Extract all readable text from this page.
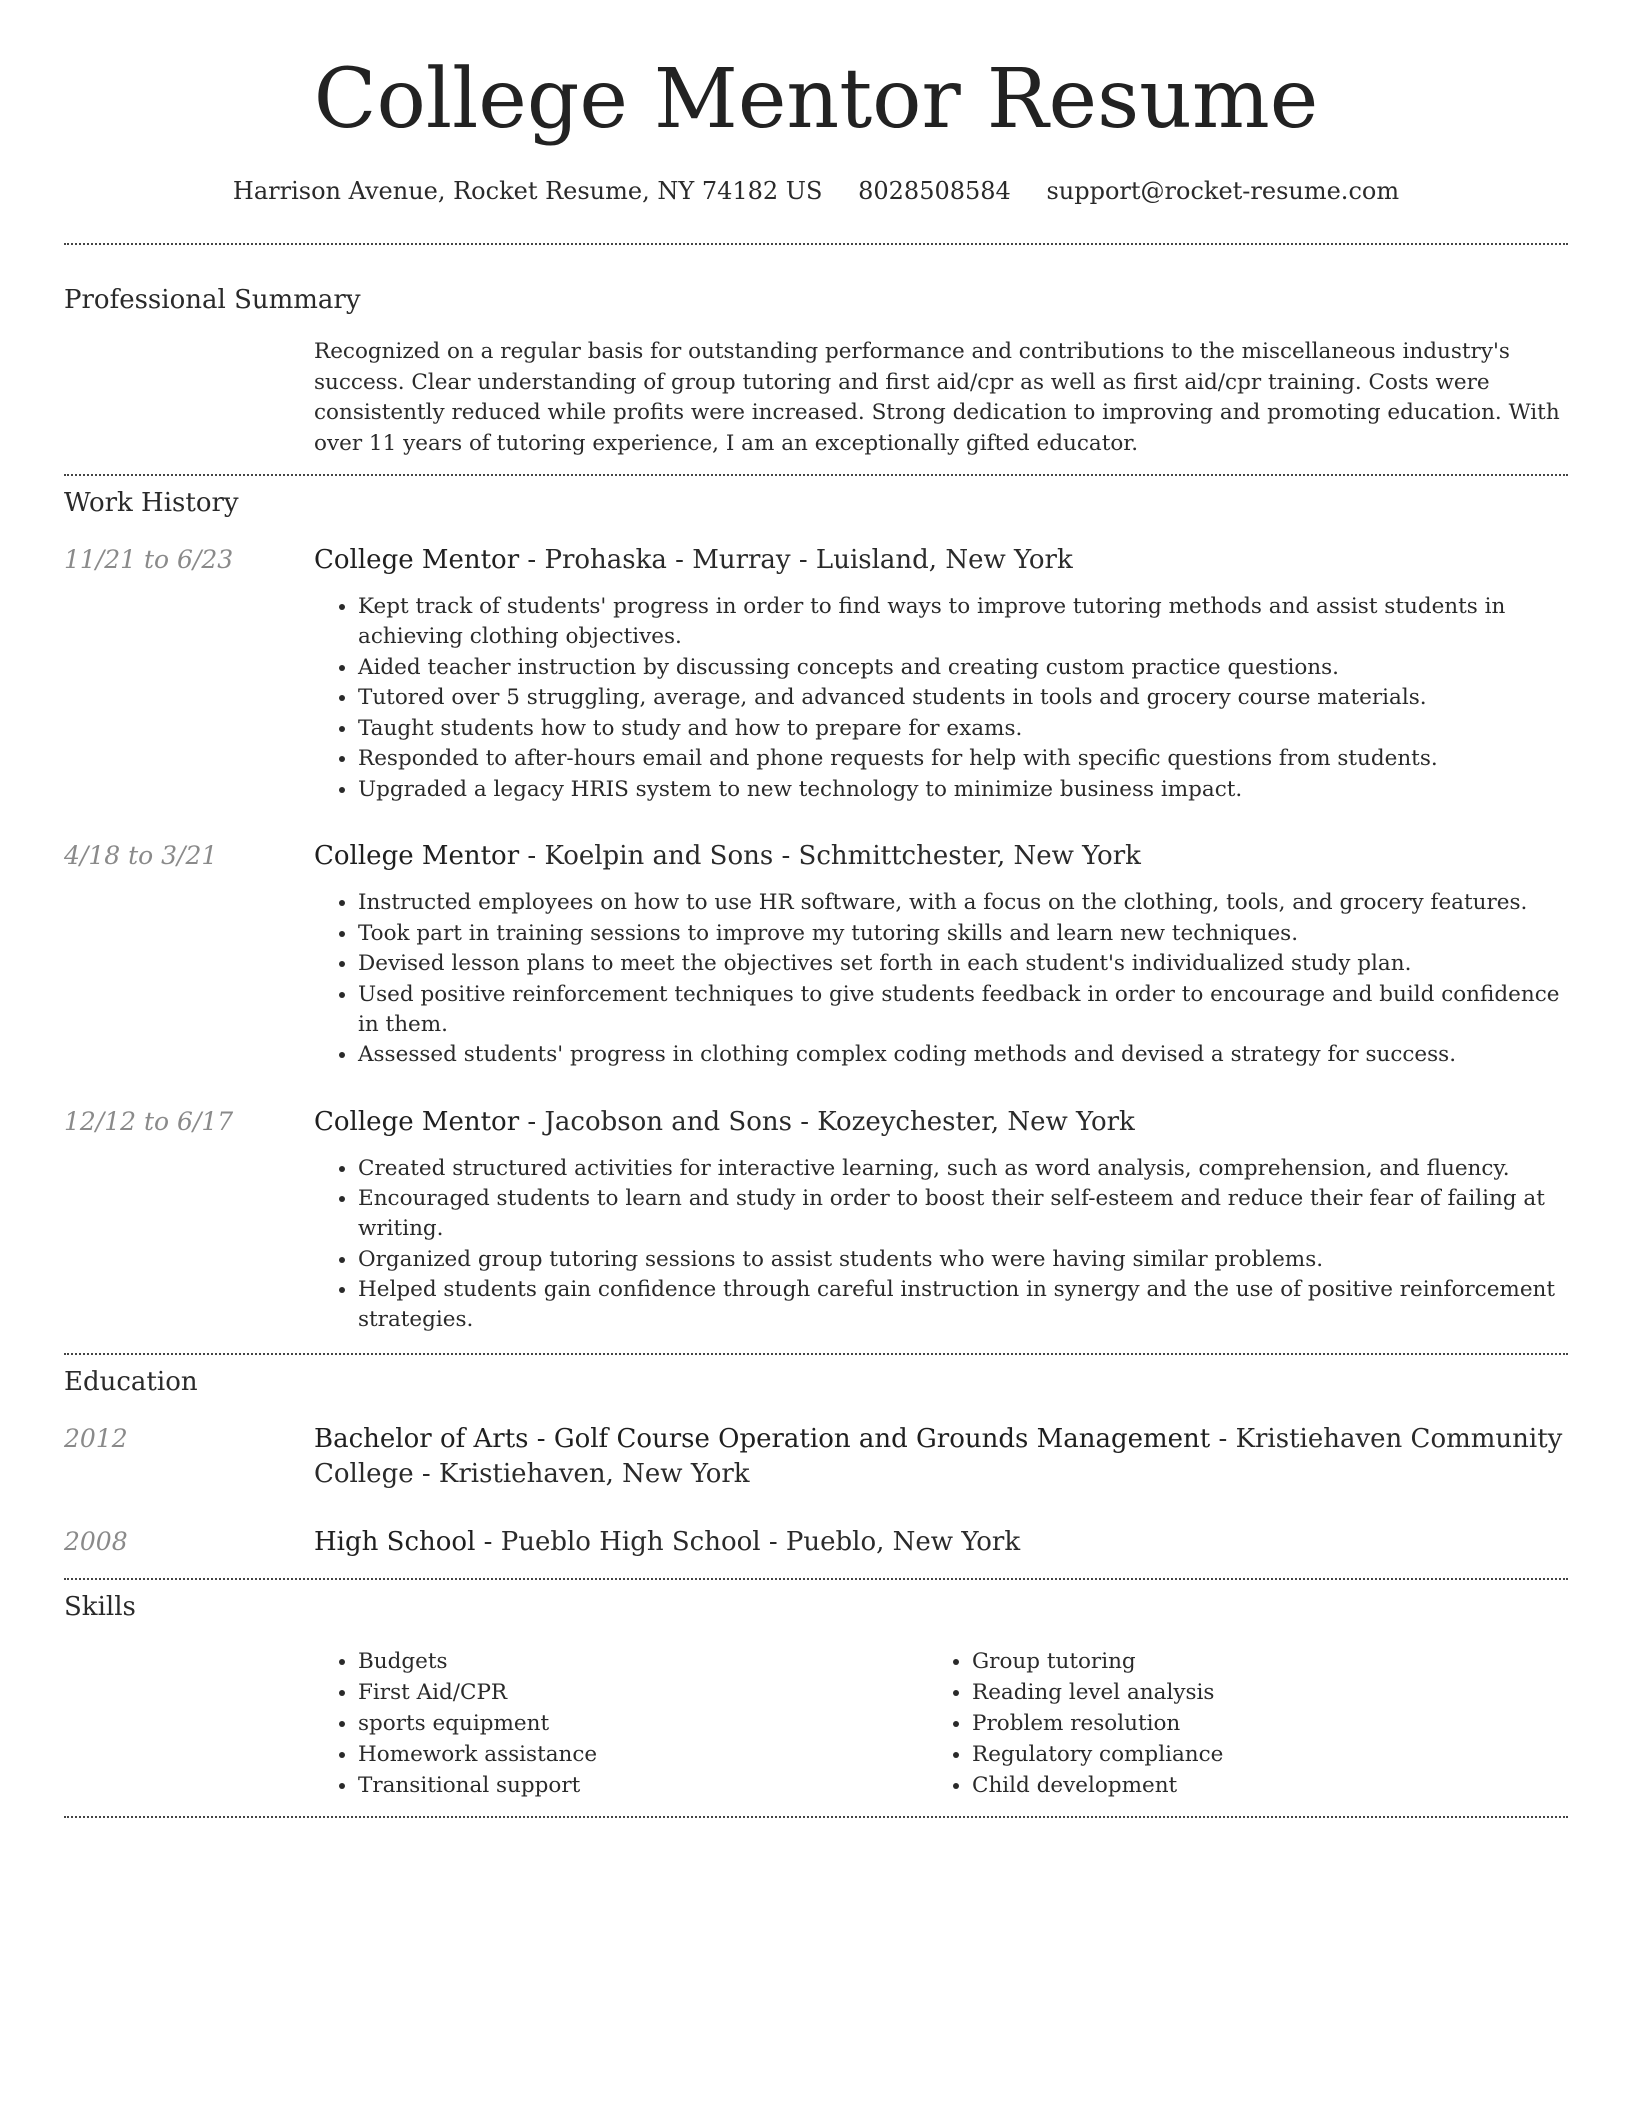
College Mentor Resume
Harrison Avenue, Rocket Resume, NY 74182 US 8028508584 support@rocket-resume.com
Professional Summary

Recognized on a regular basis for outstanding performance and contributions to the miscellaneous industry's success. Clear understanding of group tutoring and first aid/cpr as well as first aid/cpr training. Costs were consistently reduced while profits were increased. Strong dedication to improving and promoting education. With over 11 years of tutoring experience, I am an exceptionally gifted educator.

Work History
11/21 to 6/23	College Mentor - Prohaska - Murray - Luisland, New York
• Kept track of students' progress in order to find ways to improve tutoring methods and assist students in achieving clothing objectives.
• Aided teacher instruction by discussing concepts and creating custom practice questions.
• Tutored over 5 struggling, average, and advanced students in tools and grocery course materials.
• Taught students how to study and how to prepare for exams.
• Responded to after-hours email and phone requests for help with specific questions from students.
• Upgraded a legacy HRIS system to new technology to minimize business impact.
4/18 to 3/21	College Mentor - Koelpin and Sons - Schmittchester, New York
• Instructed employees on how to use HR software, with a focus on the clothing, tools, and grocery features.
• Took part in training sessions to improve my tutoring skills and learn new techniques.
• Devised lesson plans to meet the objectives set forth in each student's individualized study plan.
• Used positive reinforcement techniques to give students feedback in order to encourage and build confidence in them.
• Assessed students' progress in clothing complex coding methods and devised a strategy for success.
12/12 to 6/17	College Mentor - Jacobson and Sons - Kozeychester, New York
• Created structured activities for interactive learning, such as word analysis, comprehension, and fluency.
• Encouraged students to learn and study in order to boost their self-esteem and reduce their fear of failing at writing.
• Organized group tutoring sessions to assist students who were having similar problems.
• Helped students gain confidence through careful instruction in synergy and the use of positive reinforcement strategies.
Education
2012	Bachelor of Arts - Golf Course Operation and Grounds Management - Kristiehaven Community College - Kristiehaven, New York
2008	High School - Pueblo High School - Pueblo, New York
Skills
• Budgets
• First Aid/CPR
• sports equipment
• Homework assistance
• Transitional support
• Group tutoring
• Reading level analysis
• Problem resolution
• Regulatory compliance
• Child development
